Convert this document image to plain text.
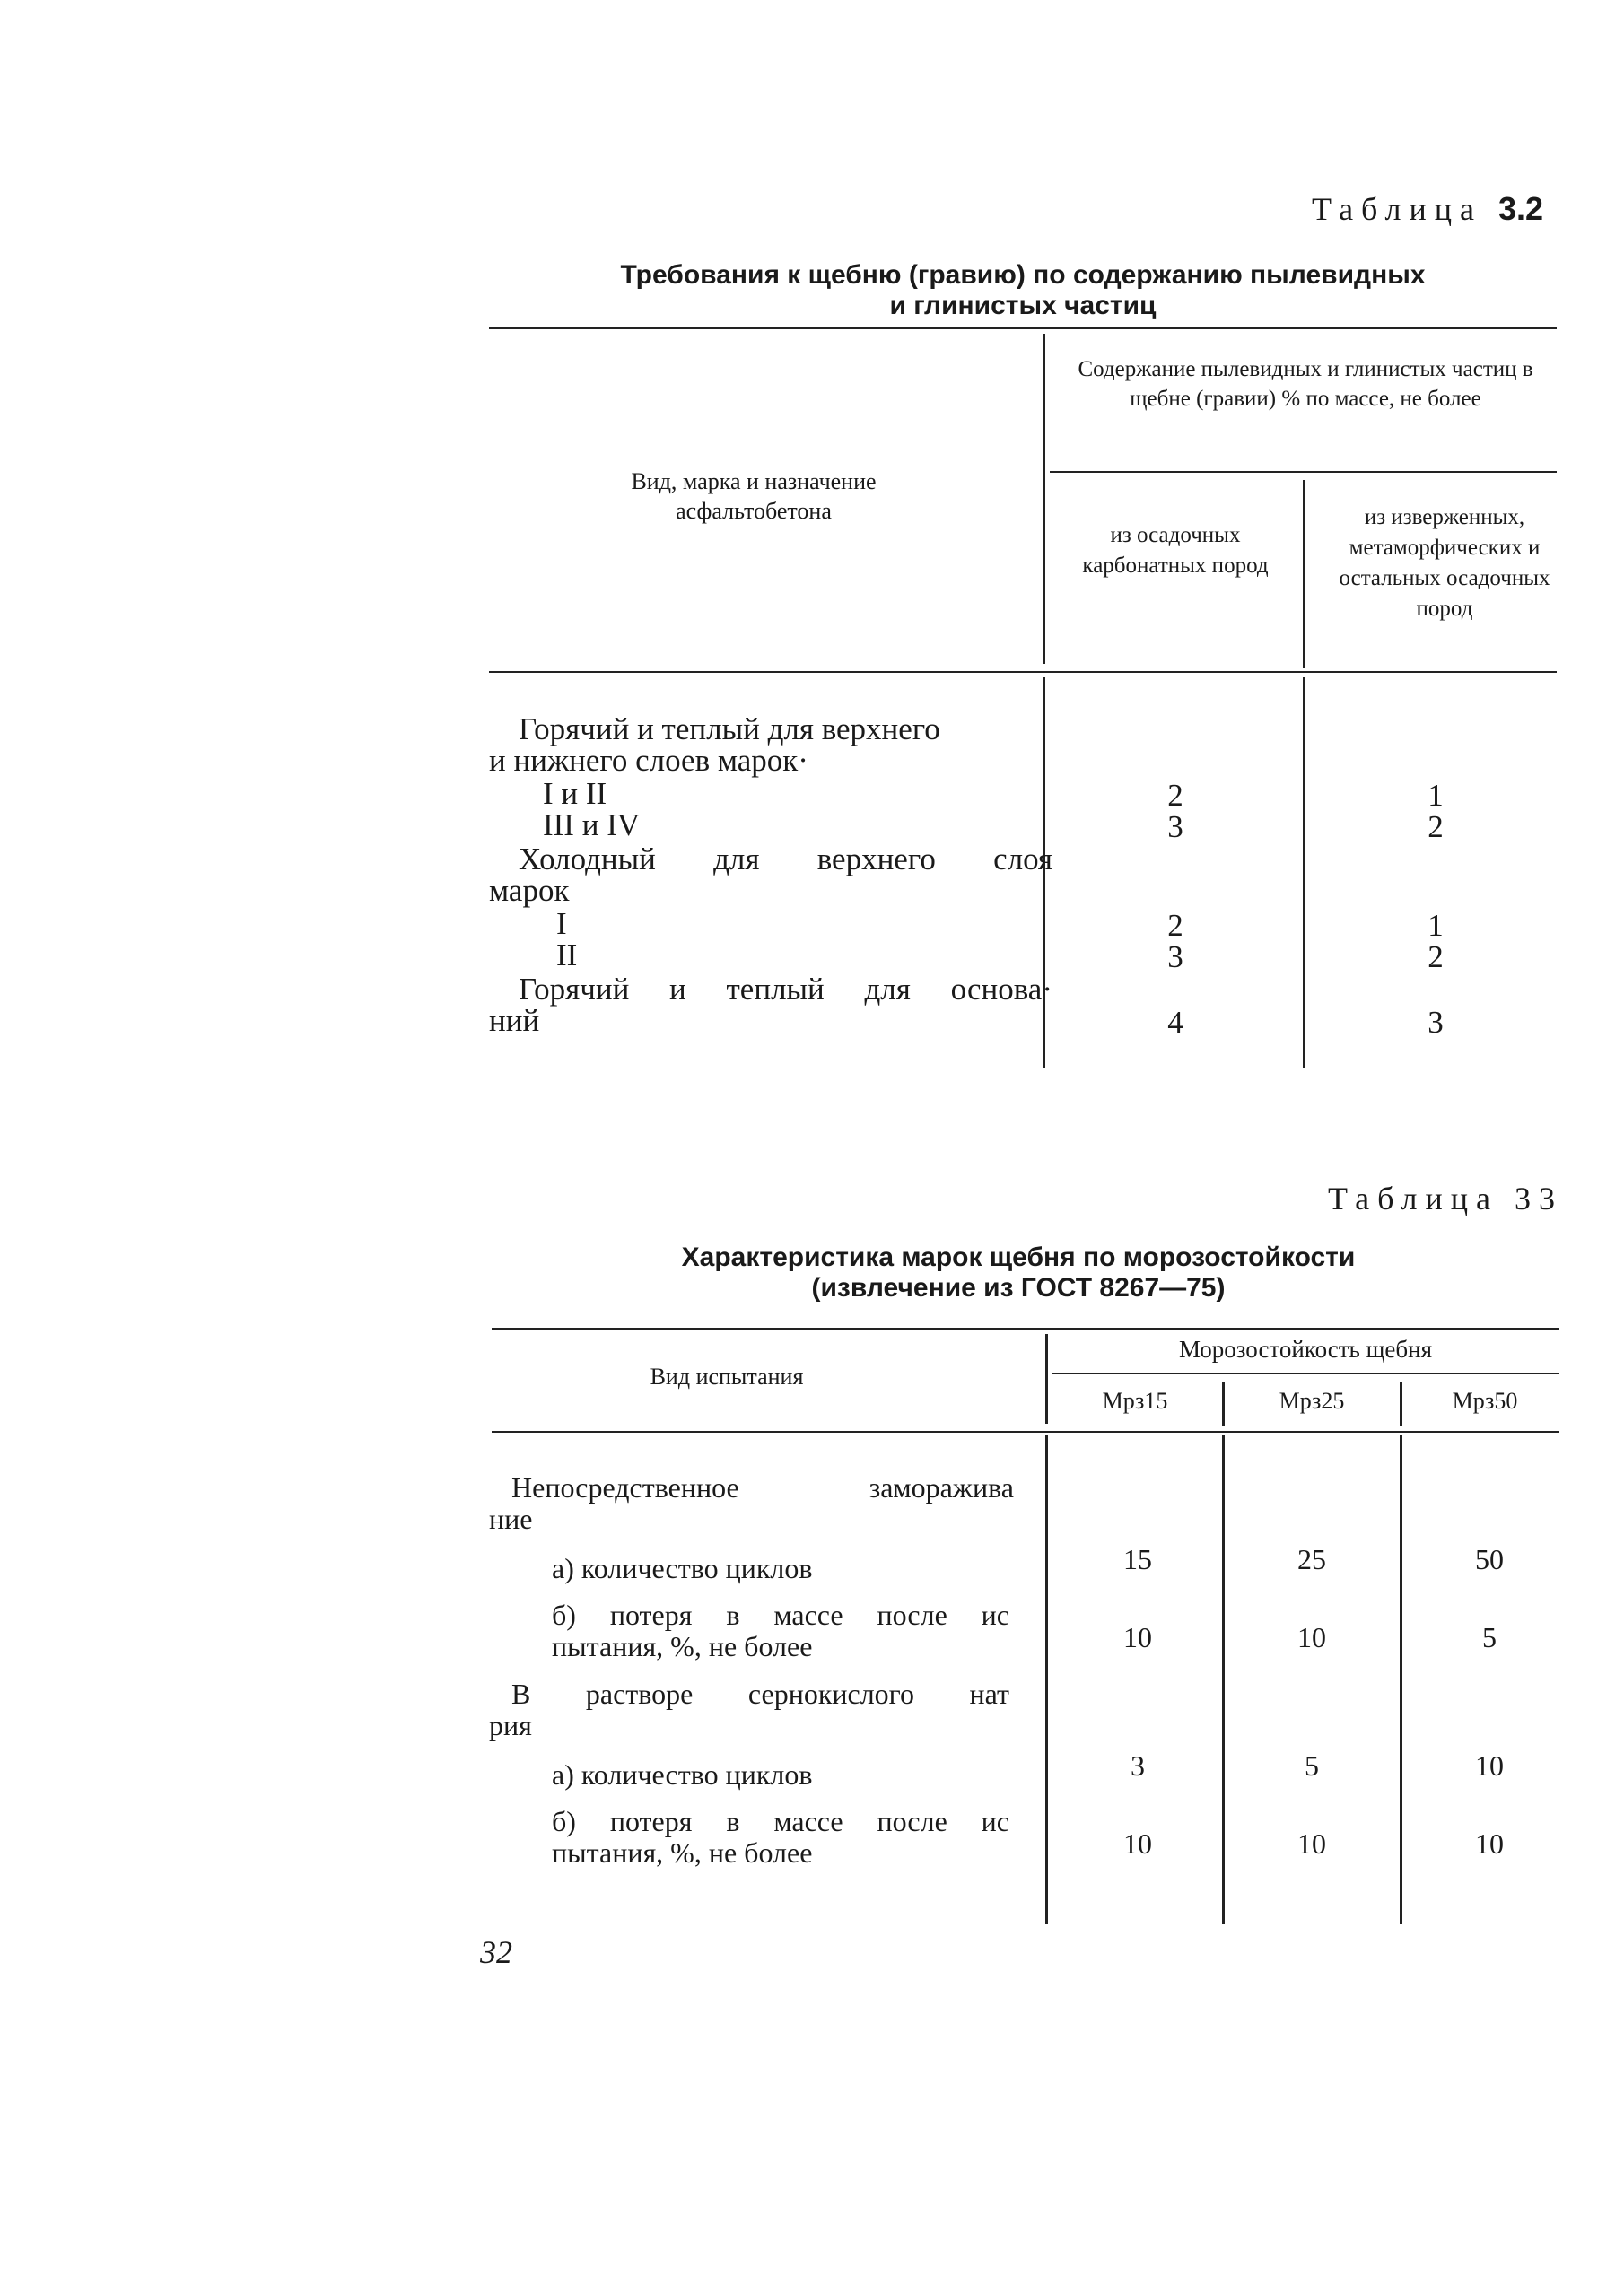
Таблица 3.2
Требования к щебню (гравию) по содержанию пылевидных
и глинистых частиц
Вид, марка и назначение асфальтобетона
Содержание пылевидных и глинистых частиц в щебне (гравии) % по массе, не более
из осадочных карбонатных пород
из изверженных, метаморфических и остальных осадочных пород
Горячий и теплый для верхнего
и нижнего слоев марок·
I и II	2	1
III и IV	3	2
Холодный для верхнего слоя
марок
I	2	1
II	3	2
Горячий и теплый для основа·
ний	4	3
Таблица 33
Характеристика марок щебня по морозостойкости
(извлечение из ГОСТ 8267—75)
Вид испытания
Морозостойкость щебня
Мрз15	Мрз25	Мрз50
Непосредственное заморажива
ние
а) количество циклов	15	25	50
б) потеря в массе после ис
пытания, %, не более	10	10	5
В растворе сернокислого нат
рия
а) количество циклов	3	5	10
б) потеря в массе после ис
пытания, %, не более	10	10	10
32
